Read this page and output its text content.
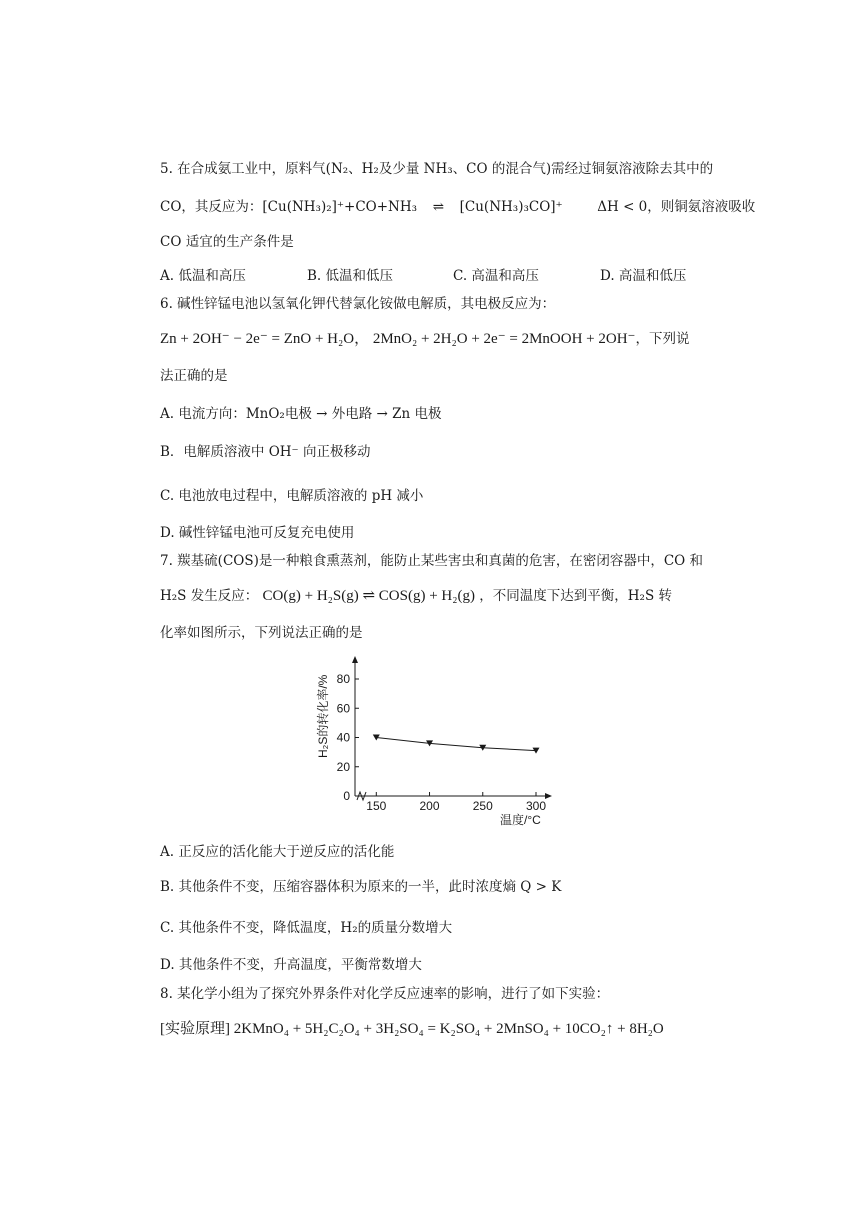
5. 在合成氨工业中，原料气(N₂、H₂及少量 NH₃、CO 的混合气)需经过铜氨溶液除去其中的
CO，其反应为：[Cu(NH₃)₂]⁺+CO+NH₃ ⇌ [Cu(NH₃)₃CO]⁺	ΔH < 0，则铜氨溶液吸收
CO 适宜的生产条件是
A. 低温和高压	B. 低温和低压	C. 高温和高压	D. 高温和低压
6. 碱性锌锰电池以氢氧化钾代替氯化铵做电解质，其电极反应为：
Zn + 2OH⁻ − 2e⁻ = ZnO + H₂O， 2MnO₂ + 2H₂O + 2e⁻ = 2MnOOH + 2OH⁻，下列说
法正确的是
A. 电流方向：MnO₂电极 → 外电路 → Zn 电极
B．电解质溶液中 OH⁻ 向正极移动
C. 电池放电过程中，电解质溶液的 pH 减小
D. 碱性锌锰电池可反复充电使用
7. 羰基硫(COS)是一种粮食熏蒸剂，能防止某些害虫和真菌的危害，在密闭容器中，CO 和
H₂S 发生反应： CO(g) + H₂S(g) ⇌ COS(g) + H₂(g) ，不同温度下达到平衡，H₂S 转
化率如图所示，下列说法正确的是
0
20
40
60
80
150	200	250	300
H₂S的转化率/%
温度/°C
A. 正反应的活化能大于逆反应的活化能
B. 其他条件不变，压缩容器体积为原来的一半，此时浓度熵 Q > K
C. 其他条件不变，降低温度，H₂的质量分数增大
D. 其他条件不变，升高温度，平衡常数增大
8. 某化学小组为了探究外界条件对化学反应速率的影响，进行了如下实验：
[实验原理] 2KMnO₄ + 5H₂C₂O₄ + 3H₂SO₄ = K₂SO₄ + 2MnSO₄ + 10CO₂↑ + 8H₂O
